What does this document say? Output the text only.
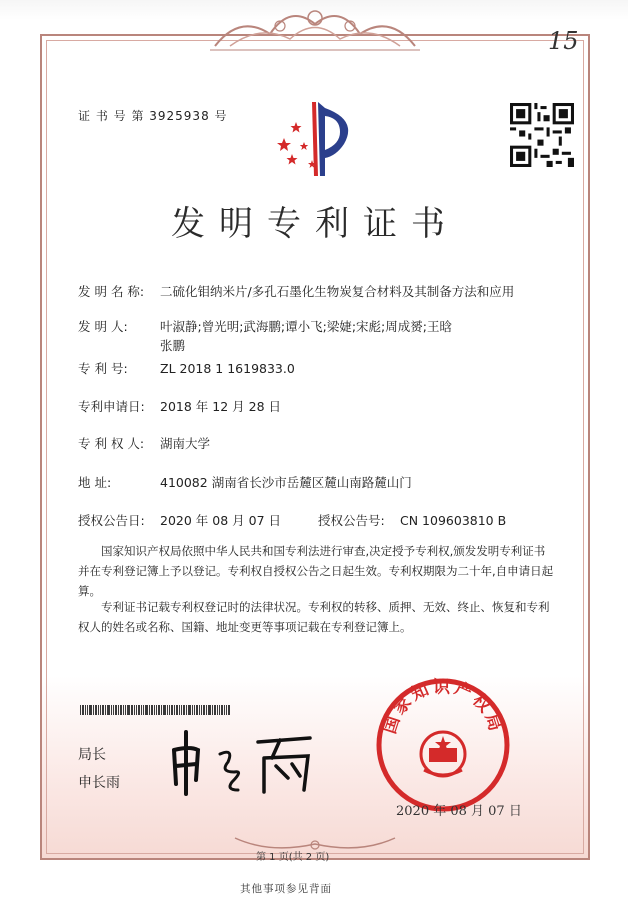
15
证 书 号 第 3925938 号
发明专利证书
发 明 名 称: 二硫化钼纳米片/多孔石墨化生物炭复合材料及其制备方法和应用
发 明 人:	叶淑静;曾光明;武海鹏;谭小飞;梁婕;宋彪;周成赟;王晗
张鹏
专 利 号:	ZL 2018 1 1619833.0
专利申请日: 2018 年 12 月 28 日
专 利 权 人: 湖南大学
地 址:	410082 湖南省长沙市岳麓区麓山南路麓山门
授权公告日: 2020 年 08 月 07 日	授权公告号: CN 109603810 B
国家知识产权局依照中华人民共和国专利法进行审查,决定授予专利权,颁发发明专利证书并在专利登记簿上予以登记。专利权自授权公告之日起生效。专利权期限为二十年,自申请日起算。
专利证书记载专利权登记时的法律状况。专利权的转移、质押、无效、终止、恢复和专利权人的姓名或名称、国籍、地址变更等事项记载在专利登记簿上。
局长
申长雨
国家知识产权局
2020 年 08 月 07 日
第 1 页(共 2 页)
其他事项参见背面
